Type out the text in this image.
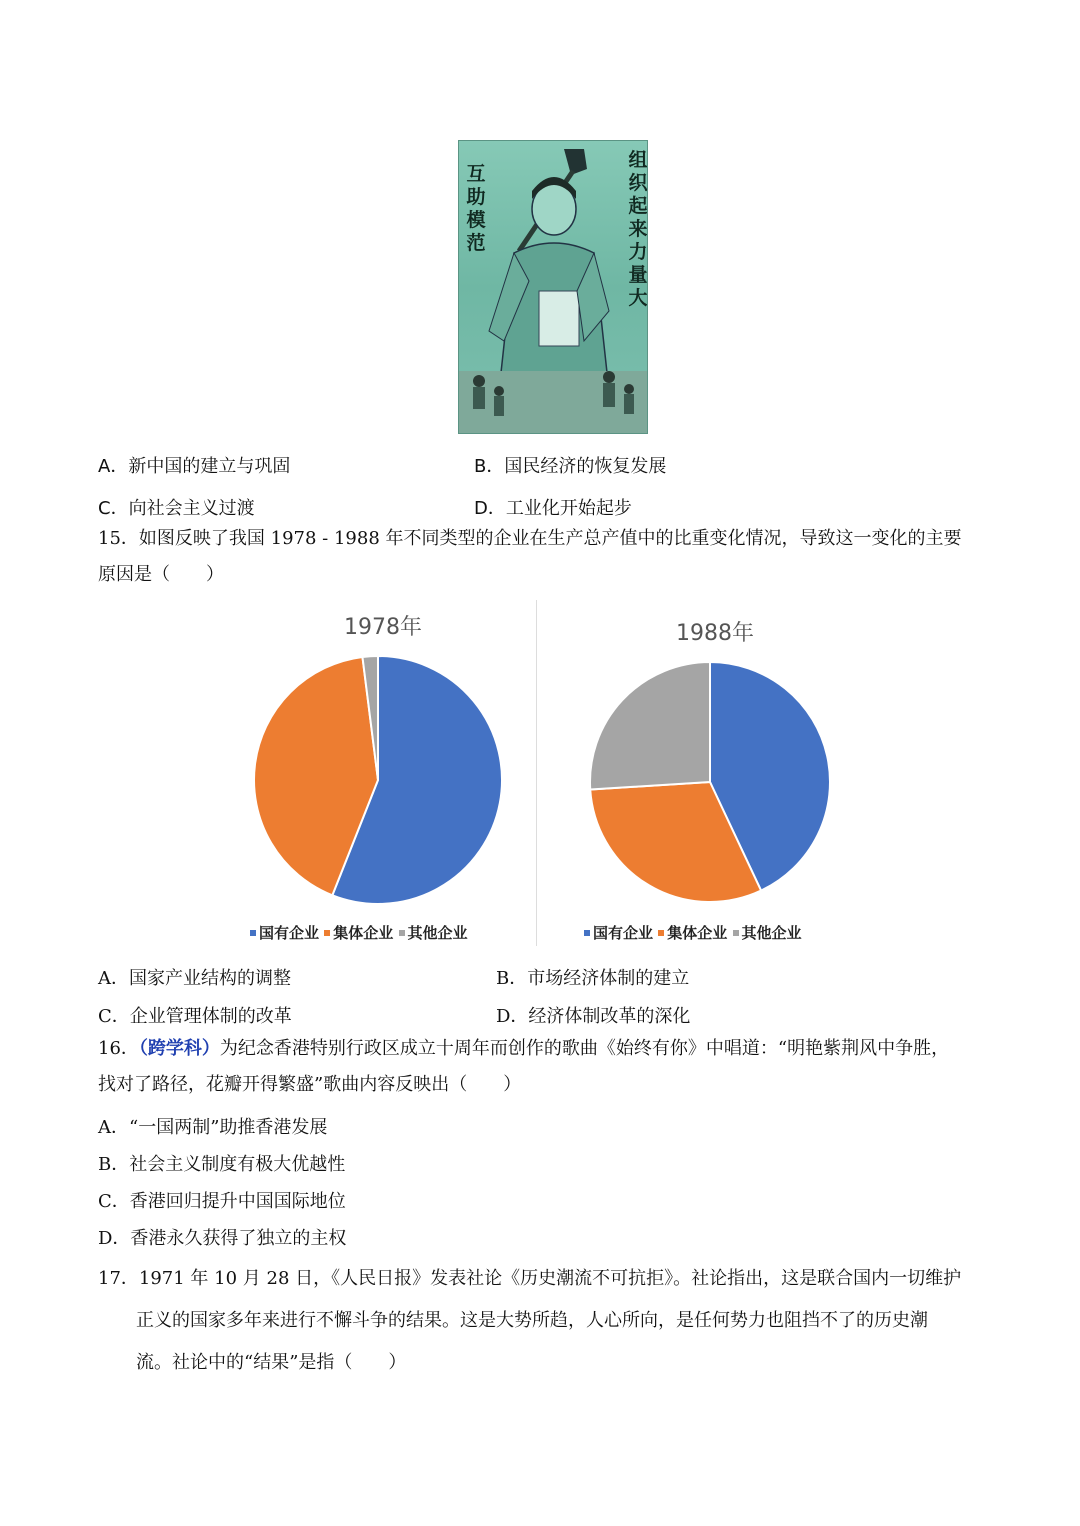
互助模范
组织起来力量大
A．新中国的建立与巩固	B．国民经济的恢复发展
C．向社会主义过渡	D．工业化开始起步
15．如图反映了我国 1978 - 1988 年不同类型的企业在生产总产值中的比重变化情况，导致这一变化的主要
原因是（　　）
1978年
国有企业 集体企业 其他企业
1988年
国有企业 集体企业 其他企业
A．国家产业结构的调整	B．市场经济体制的建立
C．企业管理体制的改革	D．经济体制改革的深化
16．（跨学科）为纪念香港特别行政区成立十周年而创作的歌曲《始终有你》中唱道：“明艳紫荆风中争胜，
找对了路径，花瓣开得繁盛”歌曲内容反映出（　　）
A．“一国两制”助推香港发展
B．社会主义制度有极大优越性
C．香港回归提升中国国际地位
D．香港永久获得了独立的主权
17．1971 年 10 月 28 日，《人民日报》发表社论《历史潮流不可抗拒》。社论指出，这是联合国内一切维护
正义的国家多年来进行不懈斗争的结果。这是大势所趋，人心所向，是任何势力也阻挡不了的历史潮
流。社论中的“结果”是指（　　）
